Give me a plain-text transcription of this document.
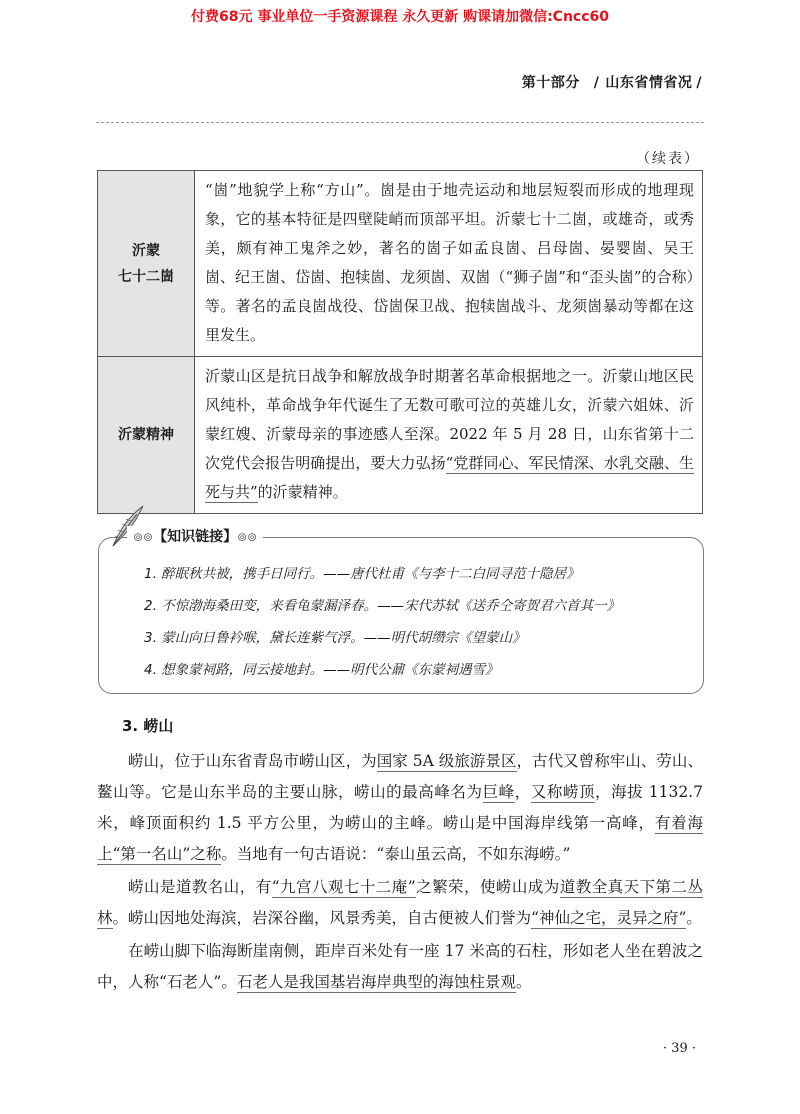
付费68元 事业单位一手资源课程 永久更新 购课请加微信:Cncc60
第十部分 / 山东省情省况 /
（续表）
沂蒙
七十二崮	“崮”地貌学上称“方山”。崮是由于地壳运动和地层短裂而形成的地理现象，它的基本特征是四壁陡峭而顶部平坦。沂蒙七十二崮，或雄奇，或秀美，颇有神工鬼斧之妙，著名的崮子如孟良崮、吕母崮、晏婴崮、吴王崮、纪王崮、岱崮、抱犊崮、龙须崮、双崮（“狮子崮”和“歪头崮”的合称）等。著名的孟良崮战役、岱崮保卫战、抱犊崮战斗、龙须崮暴动等都在这里发生。
沂蒙精神	沂蒙山区是抗日战争和解放战争时期著名革命根据地之一。沂蒙山地区民风纯朴，革命战争年代诞生了无数可歌可泣的英雄儿女，沂蒙六姐妹、沂蒙红嫂、沂蒙母亲的事迹感人至深。2022 年 5 月 28 日，山东省第十二次党代会报告明确提出，要大力弘扬“党群同心、军民情深、水乳交融、生死与共”的沂蒙精神。
⊚⊚【知识链接】⊚⊚
1. 醉眠秋共被，携手日同行。——唐代杜甫《与李十二白同寻范十隐居》
2. 不惊渤海桑田变，来看龟蒙漏泽春。——宋代苏轼《送乔仝寄贺君六首其一》
3. 蒙山向日鲁衿喉，黛长连紫气浮。——明代胡缵宗《望蒙山》
4. 想象蒙祠路，同云接地封。——明代公鼐《东蒙祠遇雪》
3. 崂山

崂山，位于山东省青岛市崂山区，为国家 5A 级旅游景区，古代又曾称牢山、劳山、鳌山等。它是山东半岛的主要山脉，崂山的最高峰名为巨峰，又称崂顶，海拔 1132.7 米，峰顶面积约 1.5 平方公里，为崂山的主峰。崂山是中国海岸线第一高峰，有着海上“第一名山”之称。当地有一句古语说：“泰山虽云高，不如东海崂。”

崂山是道教名山，有“九宫八观七十二庵”之繁荣，使崂山成为道教全真天下第二丛林。崂山因地处海滨，岩深谷幽，风景秀美，自古便被人们誉为“神仙之宅，灵异之府”。

在崂山脚下临海断崖南侧，距岸百米处有一座 17 米高的石柱，形如老人坐在碧波之中，人称“石老人”。石老人是我国基岩海岸典型的海蚀柱景观。

· 39 ·
